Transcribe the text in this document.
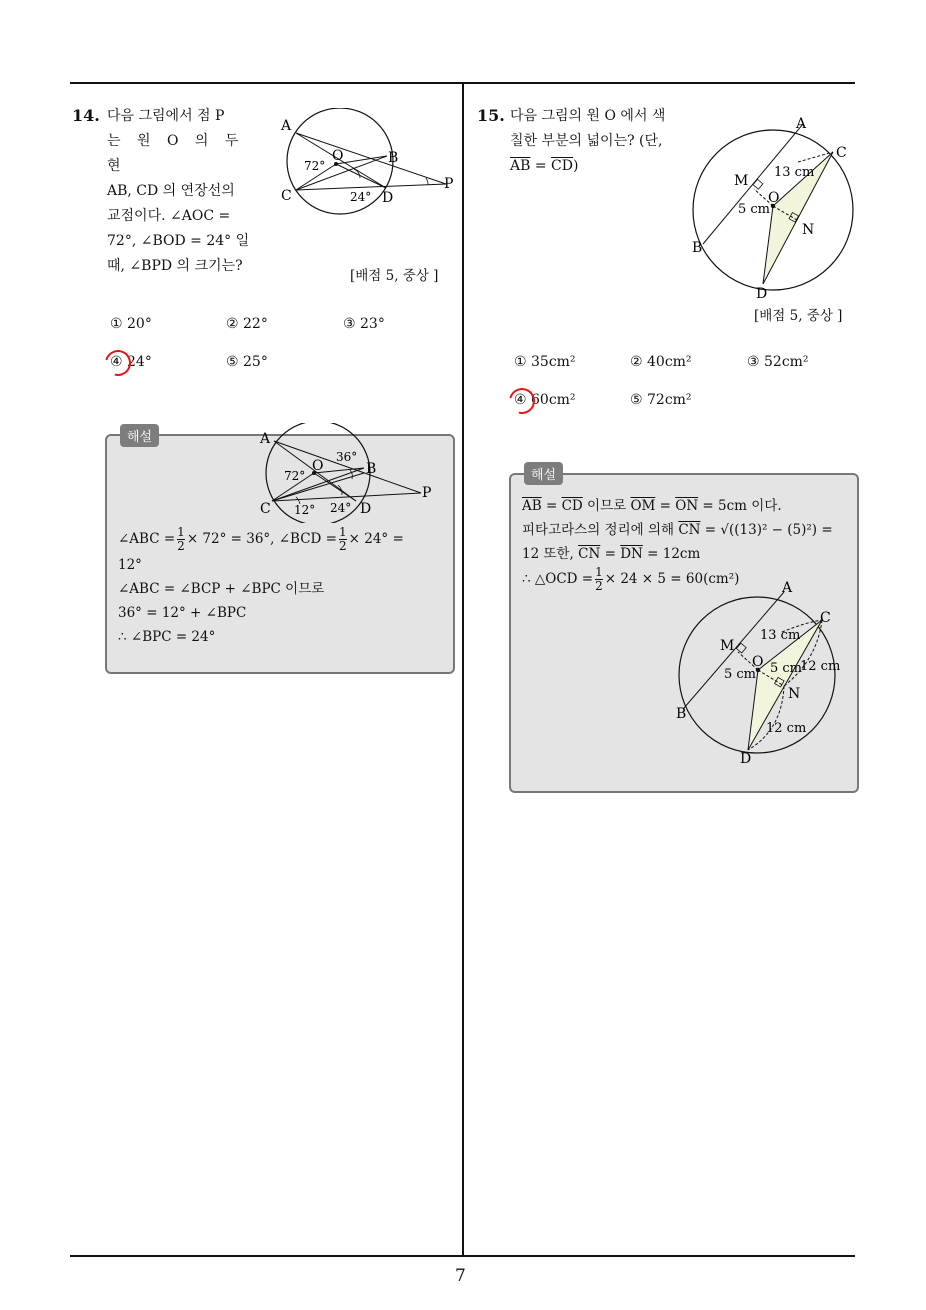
7
14. 다음 그림에서 점 P
는 원 O 의 두 현
AB, CD 의 연장선의
교점이다. ∠AOC =
72°, ∠BOD = 24° 일
때, ∠BPD 의 크기는?
A
B
C	D
O
P
72°
24°
[배점 5, 중상 ]
① 20°	② 22°	③ 23°
④ 24°	⑤ 25°
해설	A
B
C	D
O
P
72°
36°
12° 24°
∠ABC = $\frac{1}{2} \times 72^\circ = 36^\circ$, ∠BCD = $\frac{1}{2} \times 24^\circ$ =
12°
∠ABC = ∠BCP + ∠BPC 이므로
36° = 12° + ∠BPC
∴ ∠BPC = 24°
15. 다음 그림의 원 O 에서 색
칠한 부분의 넓이는? (단,
$\overline{AB} = \overline{CD}$)
A
C
B
D
M
N
O
13 cm
5 cm
[배점 5, 중상 ]
① 35cm²	② 40cm²	③ 52cm²
④ 60cm²	⑤ 72cm²
해설
$\overline{AB} = \overline{CD}$ 이므로 $\overline{OM} = \overline{ON} = 5cm$ 이다.
피타고라스의 정리에 의해 $\overline{CN} = √((13)^2 - (5)^2)$ =
12 또한, $\overline{CN} = \overline{DN} = 12cm$
∴ △OCD = $\frac{1}{2} \times 24 \times 5 = 60(cm^2)$
A
C
B
D
M
N
O
13 cm
5 cm 5 cm
12 cm
12 cm
